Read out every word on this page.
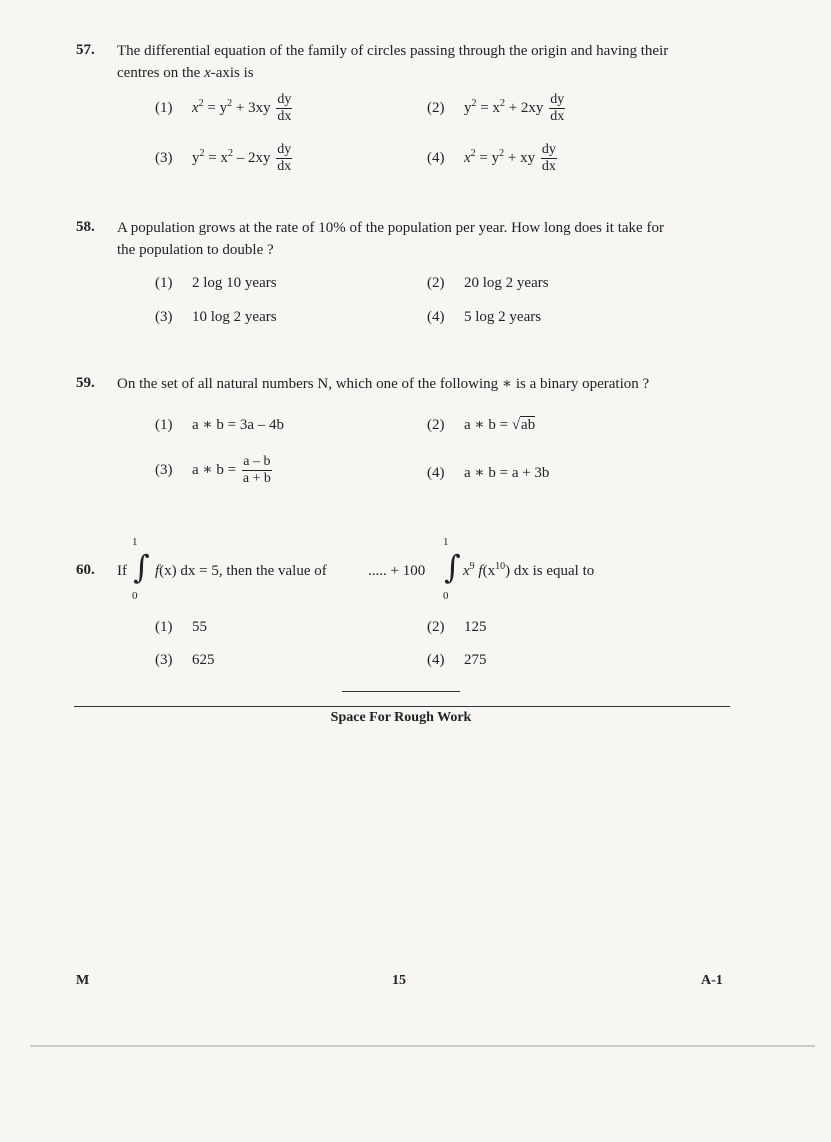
57. The differential equation of the family of circles passing through the origin and having their
centres on the x-axis is
(1) $x^2 = y^2 + 3xy \frac{dy}{dx}$	(2) $y^2 = x^2 + 2xy \frac{dy}{dx}$
(3) $y^2 = x^2 - 2xy \frac{dy}{dx}$	(4) $x^2 = y^2$ + xy $\frac{dy}{dx}$
58. A population grows at the rate of 10% of the population per year. How long does it take for
the population to double ?
(1) 2 log 10 years	(2) 20 log 2 years
(3) 10 log 2 years	(4) 5 log 2 years
59. On the set of all natural numbers N, which one of the following ∗ is a binary operation ?
(1) a ∗ b = 3a – 4b	(2) a ∗ b = √ab
(3) a ∗ $b = \frac{a - b}{a + b}$	(4) a ∗ b = a + 3b
60. If
1
∫
0
f(x) dx = 5, then the value of	..... + 100
1
∫
0
$x^9$ $f(x^{10})$ dx is equal to
(1) 55	(2) 125
(3) 625	(4) 275
Space For Rough Work
M	15	A-1
